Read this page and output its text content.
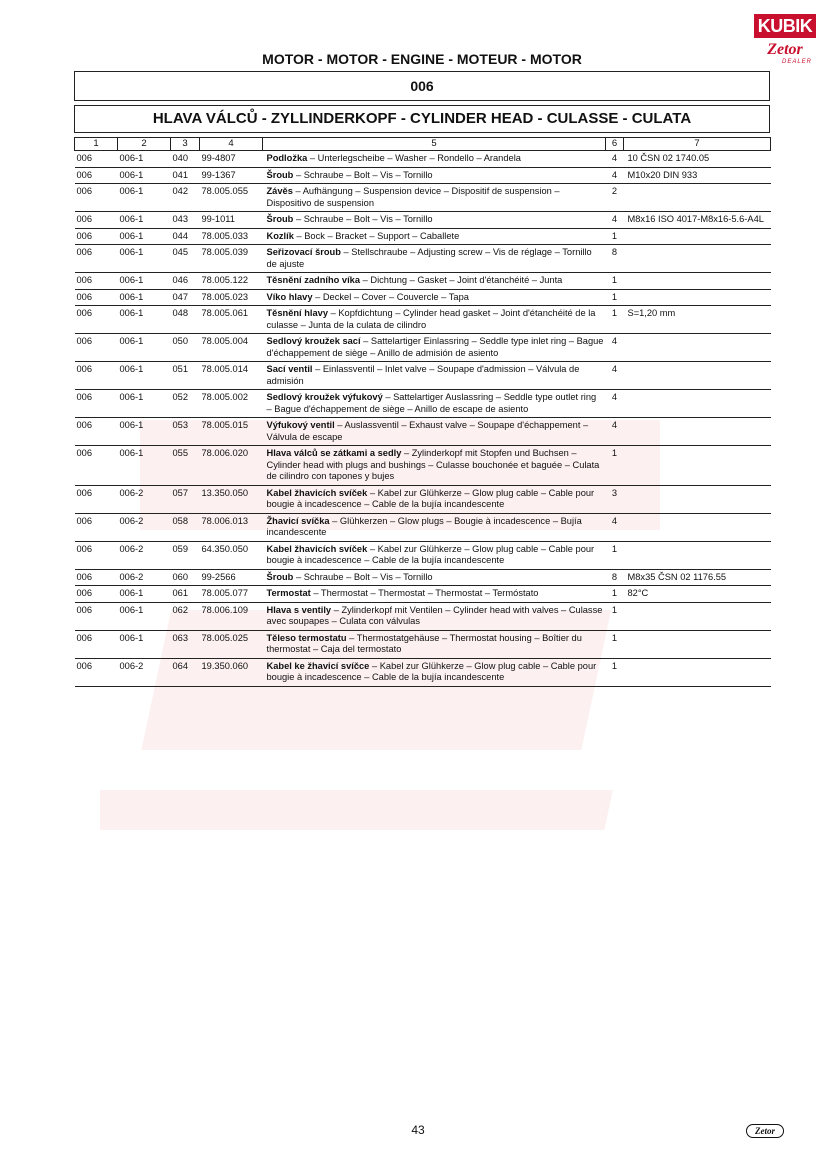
KUBIK
Zetor
DEALER
MOTOR - MOTOR - ENGINE - MOTEUR - MOTOR
006
HLAVA VÁLCŮ - ZYLLINDERKOPF - CYLINDER HEAD - CULASSE - CULATA
1	2	3	4	5	6	7
006	006-1	040	99-4807	Podložka – Unterlegscheibe – Washer – Rondello – Arandela	4	10 ČSN 02 1740.05
006	006-1	041	99-1367	Šroub – Schraube – Bolt – Vis – Tornillo	4	M10x20 DIN 933
006	006-1	042	78.005.055	Závěs – Aufhängung – Suspension device – Dispositif de suspension – Dispositivo de suspension	2	
006	006-1	043	99-1011	Šroub – Schraube – Bolt – Vis – Tornillo	4	M8x16 ISO 4017-M8x16-5.6-A4L
006	006-1	044	78.005.033	Kozlík – Bock – Bracket – Support – Caballete	1	
006	006-1	045	78.005.039	Seřizovací šroub – Stellschraube – Adjusting screw – Vis de réglage – Tornillo de ajuste	8	
006	006-1	046	78.005.122	Těsnění zadního víka – Dichtung – Gasket – Joint d'étanchéité – Junta	1	
006	006-1	047	78.005.023	Víko hlavy – Deckel – Cover – Couvercle – Tapa	1	
006	006-1	048	78.005.061	Těsnění hlavy – Kopfdichtung – Cylinder head gasket – Joint d'étanchéité de la culasse – Junta de la culata de cilindro	1	S=1,20 mm
006	006-1	050	78.005.004	Sedlový kroužek sací – Sattelartiger Einlassring – Seddle type inlet ring – Bague d'échappement de siège – Anillo de admisión de asiento	4	
006	006-1	051	78.005.014	Sací ventil – Einlassventil – Inlet valve – Soupape d'admission – Válvula de admisión	4	
006	006-1	052	78.005.002	Sedlový kroužek výfukový – Sattelartiger Auslassring – Seddle type outlet ring – Bague d'échappement de siège – Anillo de escape de asiento	4	
006	006-1	053	78.005.015	Výfukový ventil – Auslassventil – Exhaust valve – Soupape d'échappement – Válvula de escape	4	
006	006-1	055	78.006.020	Hlava válců se zátkami a sedly – Zylinderkopf mit Stopfen und Buchsen – Cylinder head with plugs and bushings – Culasse bouchonée et baguée – Culata de cilindro con tapones y bujes	1	
006	006-2	057	13.350.050	Kabel žhavicích svíček – Kabel zur Glühkerze – Glow plug cable – Cable pour bougie à incadescence – Cable de la bujía incandescente	3	
006	006-2	058	78.006.013	Žhavicí svíčka – Glühkerzen – Glow plugs – Bougie à incadescence – Bujía incandescente	4	
006	006-2	059	64.350.050	Kabel žhavicích svíček – Kabel zur Glühkerze – Glow plug cable – Cable pour bougie à incadescence – Cable de la bujía incandescente	1	
006	006-2	060	99-2566	Šroub – Schraube – Bolt – Vis – Tornillo	8	M8x35 ČSN 02 1176.55
006	006-1	061	78.005.077	Termostat – Thermostat – Thermostat – Thermostat – Termóstato	1	82°C
006	006-1	062	78.006.109	Hlava s ventily – Zylinderkopf mit Ventilen – Cylinder head with valves – Culasse avec soupapes – Culata con válvulas	1	
006	006-1	063	78.005.025	Těleso termostatu – Thermostatgehäuse – Thermostat housing – Boîtier du thermostat – Caja del termostato	1	
006	006-2	064	19.350.060	Kabel ke žhavicí svíčce – Kabel zur Glühkerze – Glow plug cable – Cable pour bougie à incadescence – Cable de la bujía incandescente	1	
43	Zetor
